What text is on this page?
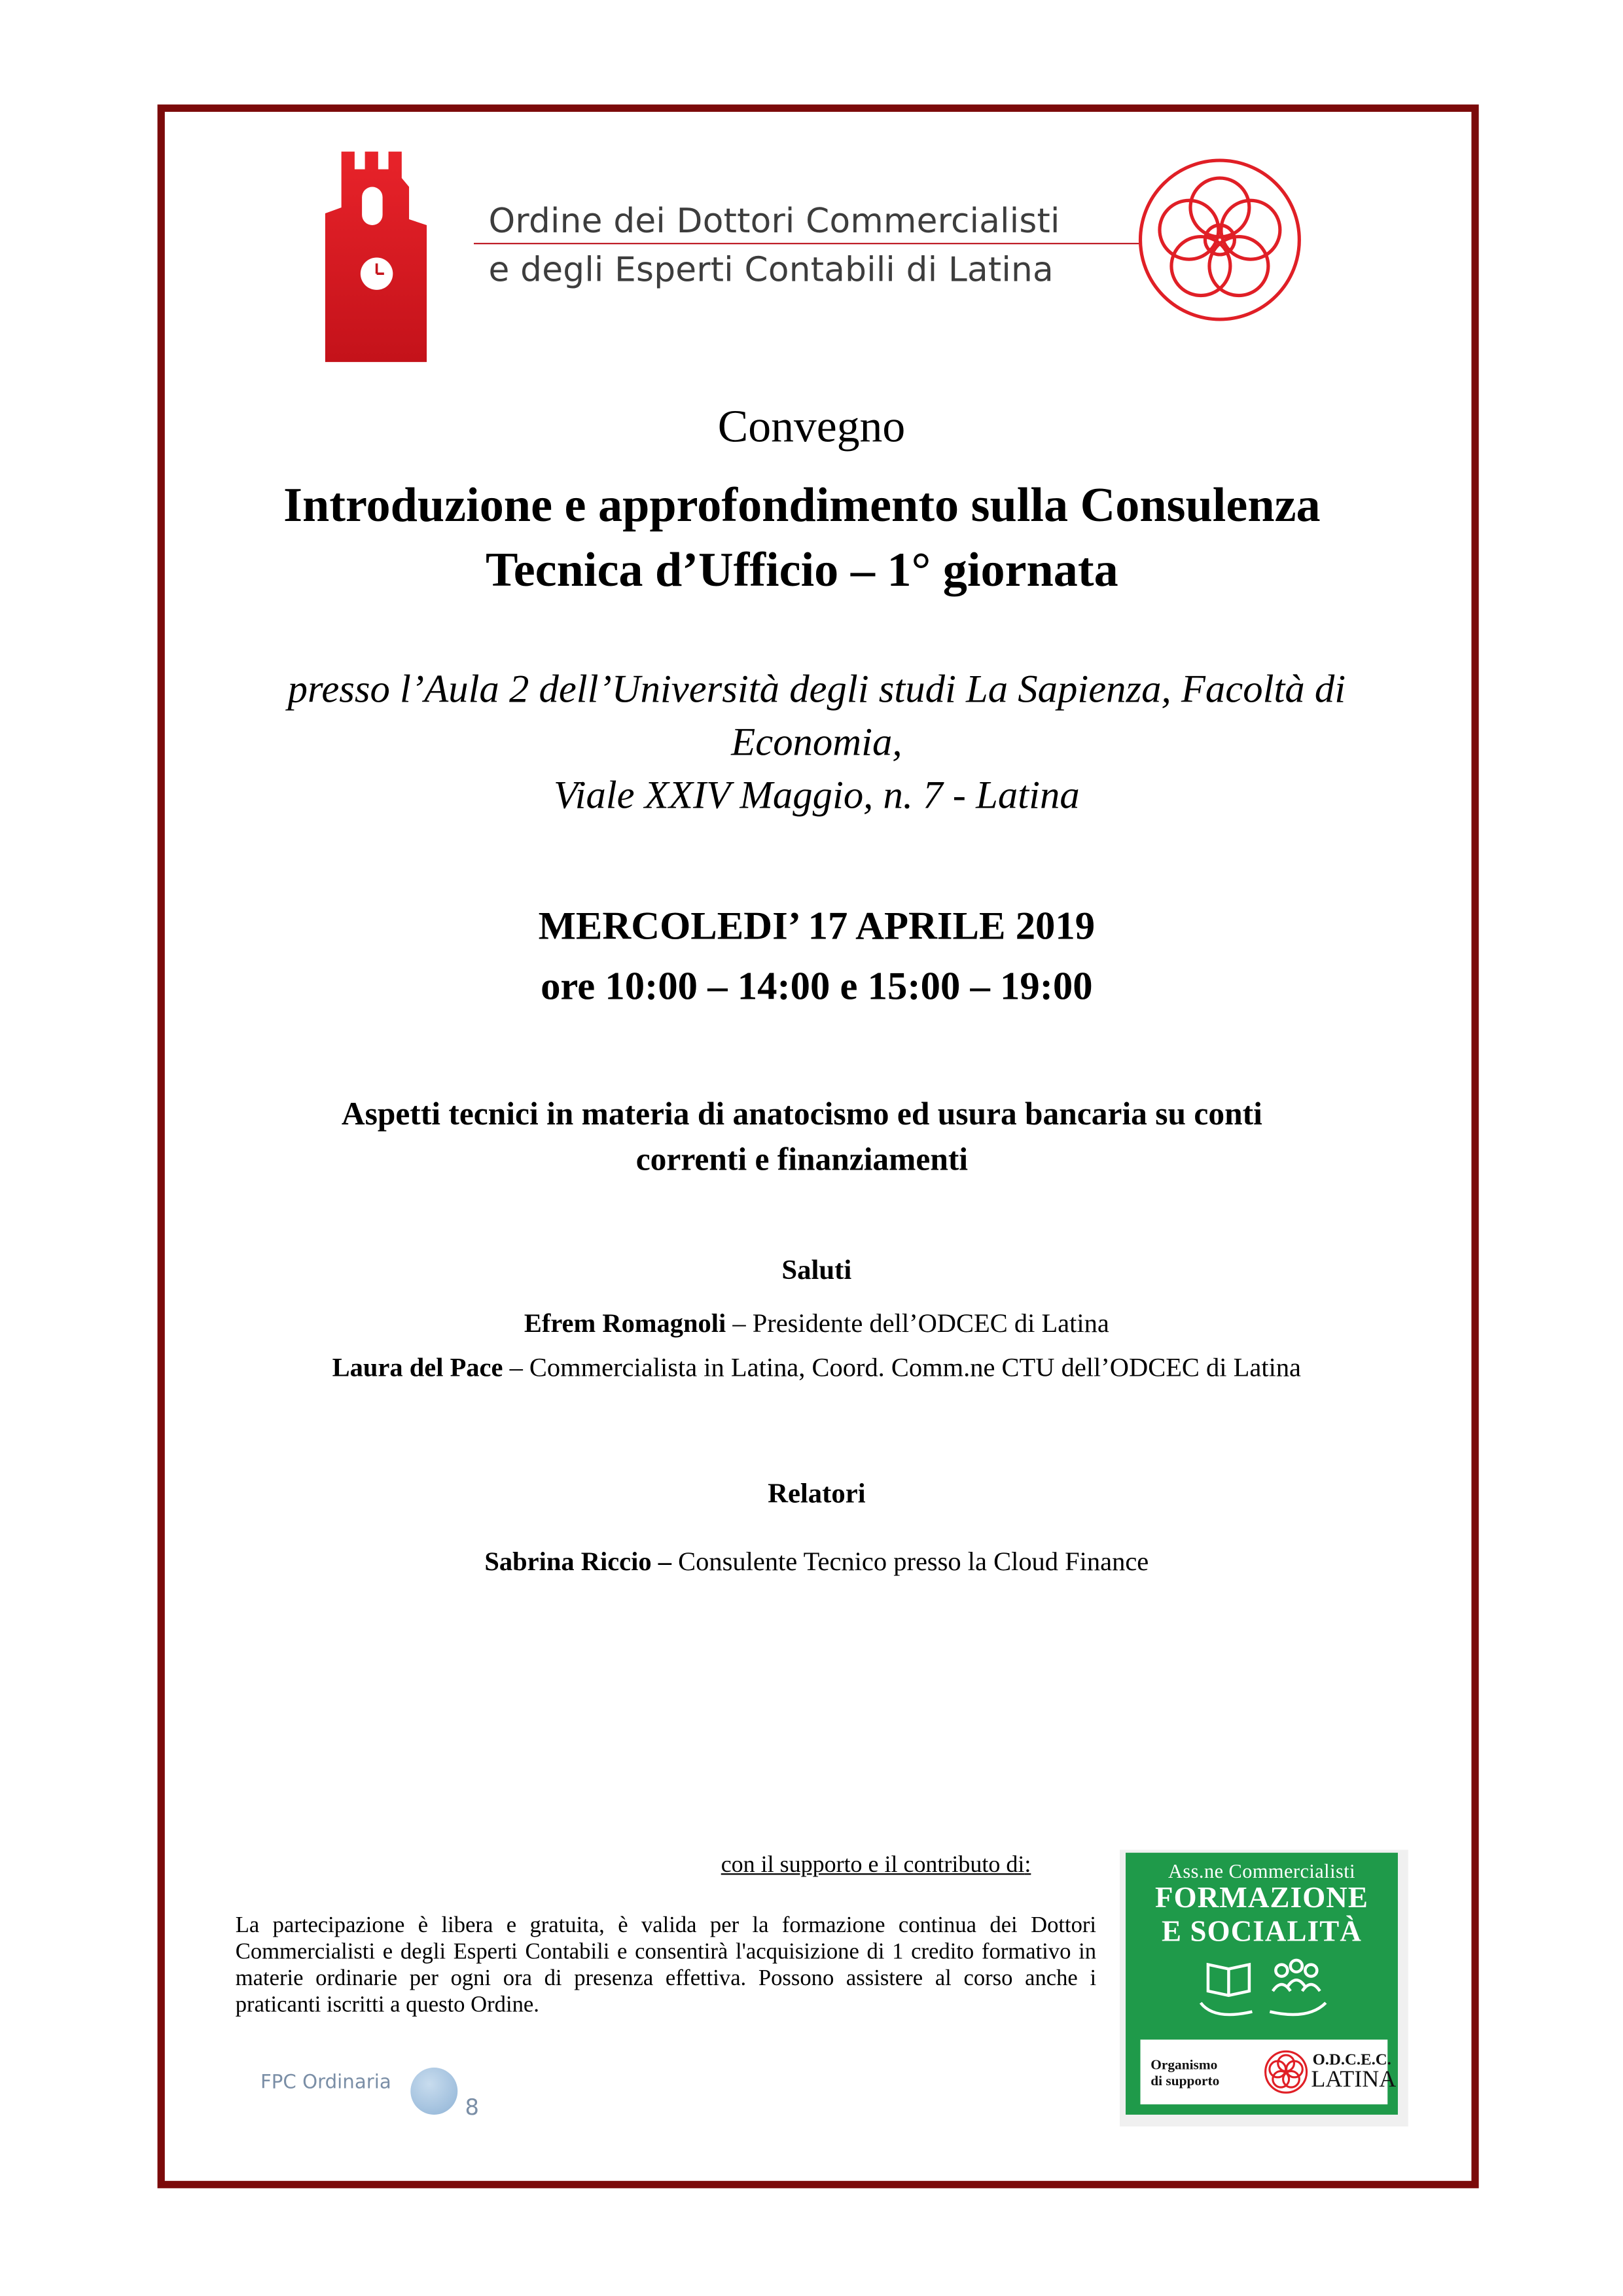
Ordine dei Dottori Commercialisti
e degli Esperti Contabili di Latina
Convegno
Introduzione e approfondimento sulla Consulenza
Tecnica d’Ufficio – 1° giornata
presso l’Aula 2 dell’Università degli studi La Sapienza, Facoltà di
Economia,
Viale XXIV Maggio, n. 7 - Latina
MERCOLEDI’ 17 APRILE 2019
ore 10:00 – 14:00 e 15:00 – 19:00
Aspetti tecnici in materia di anatocismo ed usura bancaria su conti
correnti e finanziamenti
Saluti
Efrem Romagnoli – Presidente dell’ODCEC di Latina
Laura del Pace – Commercialista in Latina, Coord. Comm.ne CTU dell’ODCEC di Latina
Relatori
Sabrina Riccio – Consulente Tecnico presso la Cloud Finance
con il supporto e il contributo di:
La partecipazione è libera e gratuita, è valida per la formazione continua dei Dottori Commercialisti e degli Esperti Contabili e consentirà l'acquisizione di 1 credito formativo in materie ordinarie per ogni ora di presenza effettiva. Possono assistere al corso anche i praticanti iscritti a questo Ordine.
FPC Ordinaria
8
Ass.ne Commercialisti
FORMAZIONE
E SOCIALITÀ
Organismo
di supporto
O.D.C.E.C.
LATINA
